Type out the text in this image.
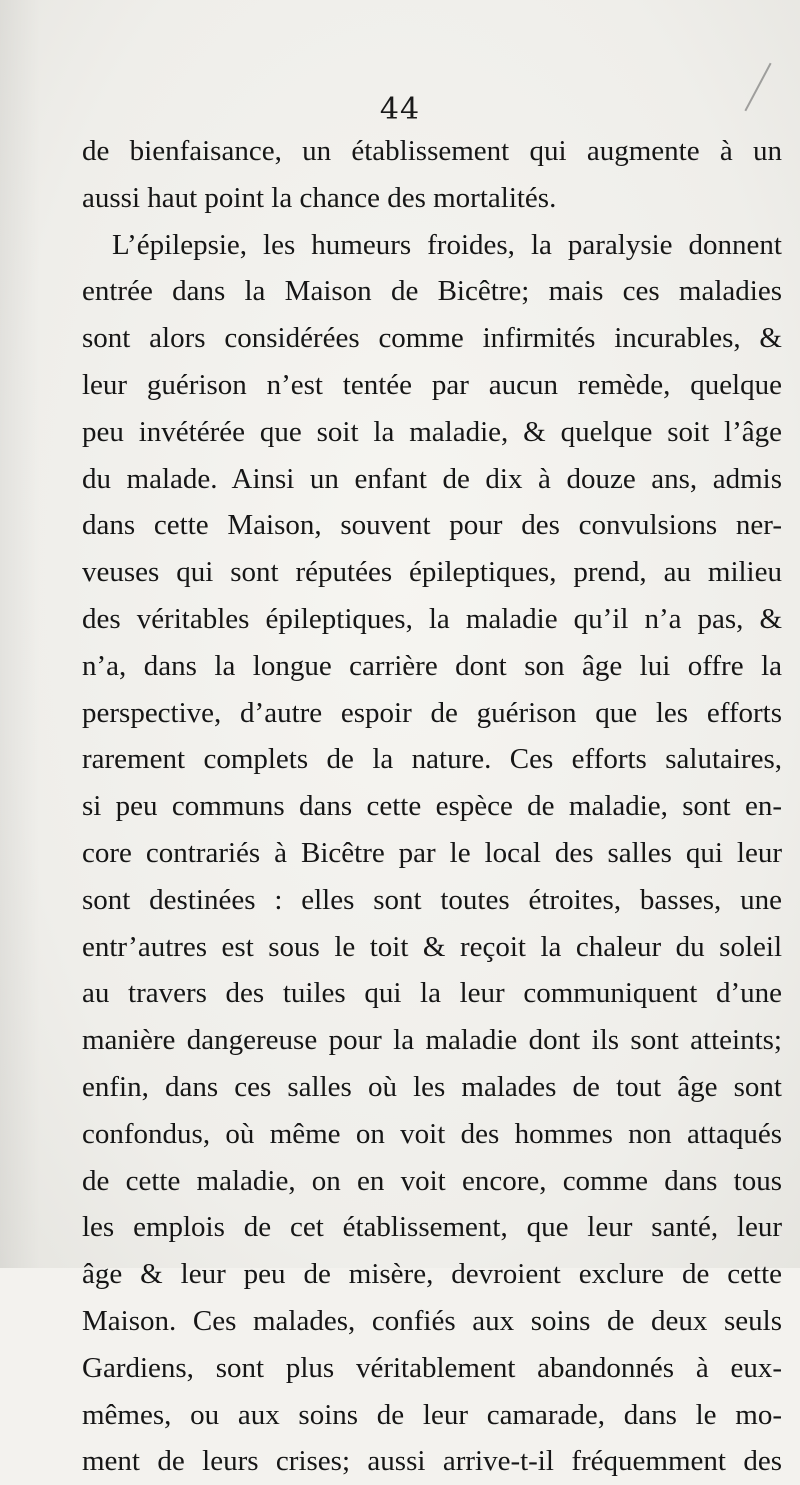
44
de bienfaisance, un établissement qui augmente à un
aussi haut point la chance des mortalités.
L’épilepsie, les humeurs froides, la paralysie donnent
entrée dans la Maison de Bicêtre; mais ces maladies
sont alors considérées comme infirmités incurables, &
leur guérison n’est tentée par aucun remède, quelque
peu invétérée que soit la maladie, & quelque soit l’âge
du malade. Ainsi un enfant de dix à douze ans, admis
dans cette Maison, souvent pour des convulsions ner-
veuses qui sont réputées épileptiques, prend, au milieu
des véritables épileptiques, la maladie qu’il n’a pas, &
n’a, dans la longue carrière dont son âge lui offre la
perspective, d’autre espoir de guérison que les efforts
rarement complets de la nature. Ces efforts salutaires,
si peu communs dans cette espèce de maladie, sont en-
core contrariés à Bicêtre par le local des salles qui leur
sont destinées : elles sont toutes étroites, basses, une
entr’autres est sous le toit & reçoit la chaleur du soleil
au travers des tuiles qui la leur communiquent d’une
manière dangereuse pour la maladie dont ils sont atteints;
enfin, dans ces salles où les malades de tout âge sont
confondus, où même on voit des hommes non attaqués
de cette maladie, on en voit encore, comme dans tous
les emplois de cet établissement, que leur santé, leur
âge & leur peu de misère, devroient exclure de cette
Maison. Ces malades, confiés aux soins de deux seuls
Gardiens, sont plus véritablement abandonnés à eux-
mêmes, ou aux soins de leur camarade, dans le mo-
ment de leurs crises; aussi arrive-t-il fréquemment des
